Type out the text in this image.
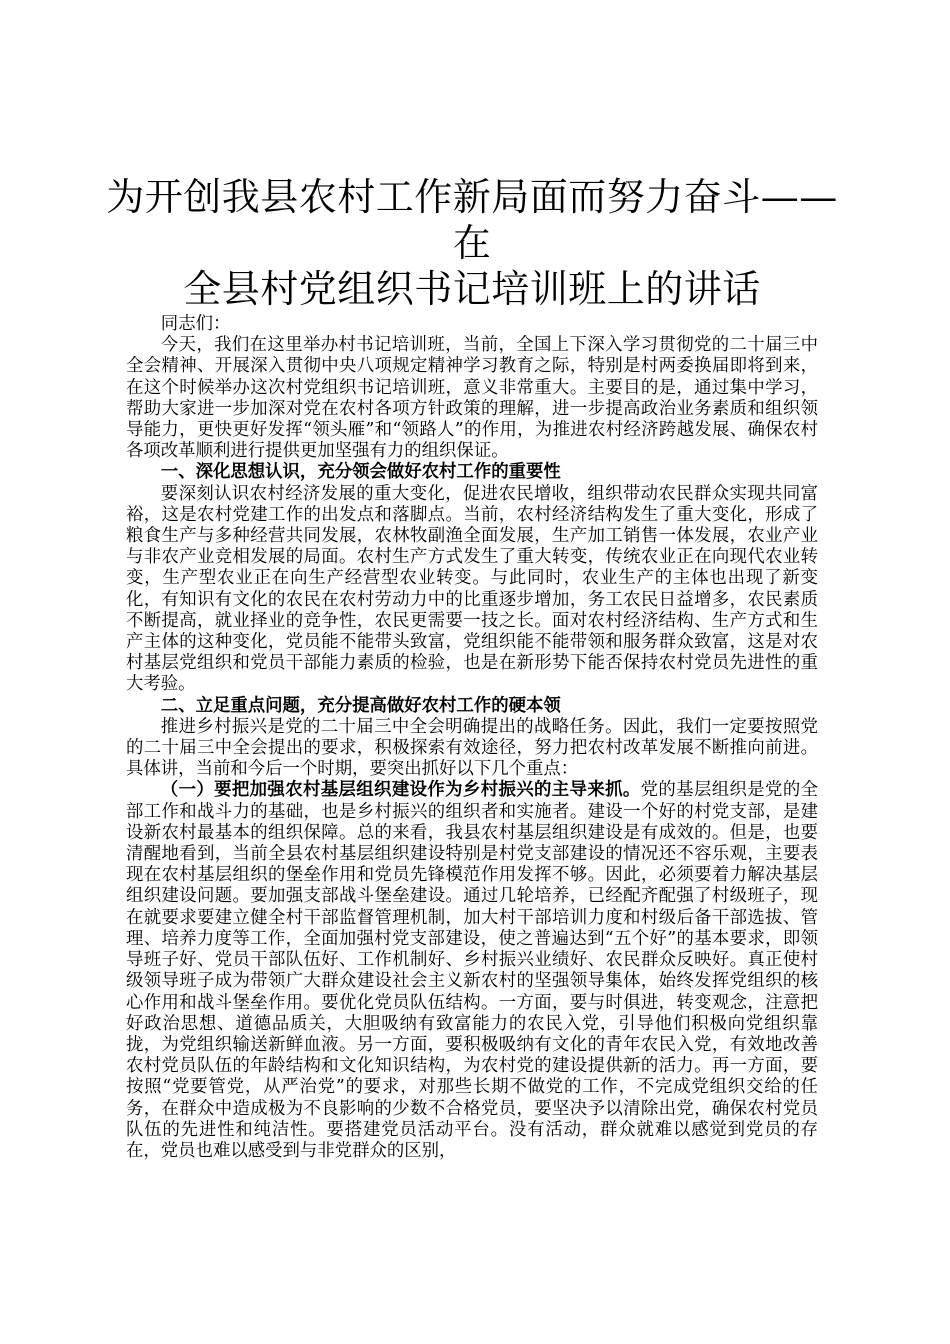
为开创我县农村工作新局面而努力奋斗——在
全县村党组织书记培训班上的讲话

同志们：

今天，我们在这里举办村书记培训班，当前，全国上下深入学习贯彻党的二十届三中全会精神、开展深入贯彻中央八项规定精神学习教育之际，特别是村两委换届即将到来，在这个时候举办这次村党组织书记培训班，意义非常重大。主要目的是，通过集中学习，帮助大家进一步加深对党在农村各项方针政策的理解，进一步提高政治业务素质和组织领导能力，更快更好发挥“领头雁”和“领路人”的作用，为推进农村经济跨越发展、确保农村各项改革顺利进行提供更加坚强有力的组织保证。

一、深化思想认识，充分领会做好农村工作的重要性

要深刻认识农村经济发展的重大变化，促进农民增收，组织带动农民群众实现共同富裕，这是农村党建工作的出发点和落脚点。当前，农村经济结构发生了重大变化，形成了粮食生产与多种经营共同发展，农林牧副渔全面发展，生产加工销售一体发展，农业产业与非农产业竞相发展的局面。农村生产方式发生了重大转变，传统农业正在向现代农业转变，生产型农业正在向生产经营型农业转变。与此同时，农业生产的主体也出现了新变化，有知识有文化的农民在农村劳动力中的比重逐步增加，务工农民日益增多，农民素质不断提高，就业择业的竞争性，农民更需要一技之长。面对农村经济结构、生产方式和生产主体的这种变化，党员能不能带头致富，党组织能不能带领和服务群众致富，这是对农村基层党组织和党员干部能力素质的检验，也是在新形势下能否保持农村党员先进性的重大考验。

二、立足重点问题，充分提高做好农村工作的硬本领

推进乡村振兴是党的二十届三中全会明确提出的战略任务。因此，我们一定要按照党的二十届三中全会提出的要求，积极探索有效途径，努力把农村改革发展不断推向前进。具体讲，当前和今后一个时期，要突出抓好以下几个重点：

（一）要把加强农村基层组织建设作为乡村振兴的主导来抓。党的基层组织是党的全部工作和战斗力的基础，也是乡村振兴的组织者和实施者。建设一个好的村党支部，是建设新农村最基本的组织保障。总的来看，我县农村基层组织建设是有成效的。但是，也要清醒地看到，当前全县农村基层组织建设特别是村党支部建设的情况还不容乐观，主要表现在农村基层组织的堡垒作用和党员先锋模范作用发挥不够。因此，必须要着力解决基层组织建设问题。要加强支部战斗堡垒建设。通过几轮培养，已经配齐配强了村级班子，现在就要求要建立健全村干部监督管理机制，加大村干部培训力度和村级后备干部选拔、管理、培养力度等工作，全面加强村党支部建设，使之普遍达到“五个好”的基本要求，即领导班子好、党员干部队伍好、工作机制好、乡村振兴业绩好、农民群众反映好。真正使村级领导班子成为带领广大群众建设社会主义新农村的坚强领导集体，始终发挥党组织的核心作用和战斗堡垒作用。要优化党员队伍结构。一方面，要与时俱进，转变观念，注意把好政治思想、道德品质关，大胆吸纳有致富能力的农民入党，引导他们积极向党组织靠拢，为党组织输送新鲜血液。另一方面，要积极吸纳有文化的青年农民入党，有效地改善农村党员队伍的年龄结构和文化知识结构，为农村党的建设提供新的活力。再一方面，要按照“党要管党，从严治党”的要求，对那些长期不做党的工作，不完成党组织交给的任务，在群众中造成极为不良影响的少数不合格党员，要坚决予以清除出党，确保农村党员队伍的先进性和纯洁性。要搭建党员活动平台。没有活动，群众就难以感觉到党员的存在，党员也难以感受到与非党群众的区别，
